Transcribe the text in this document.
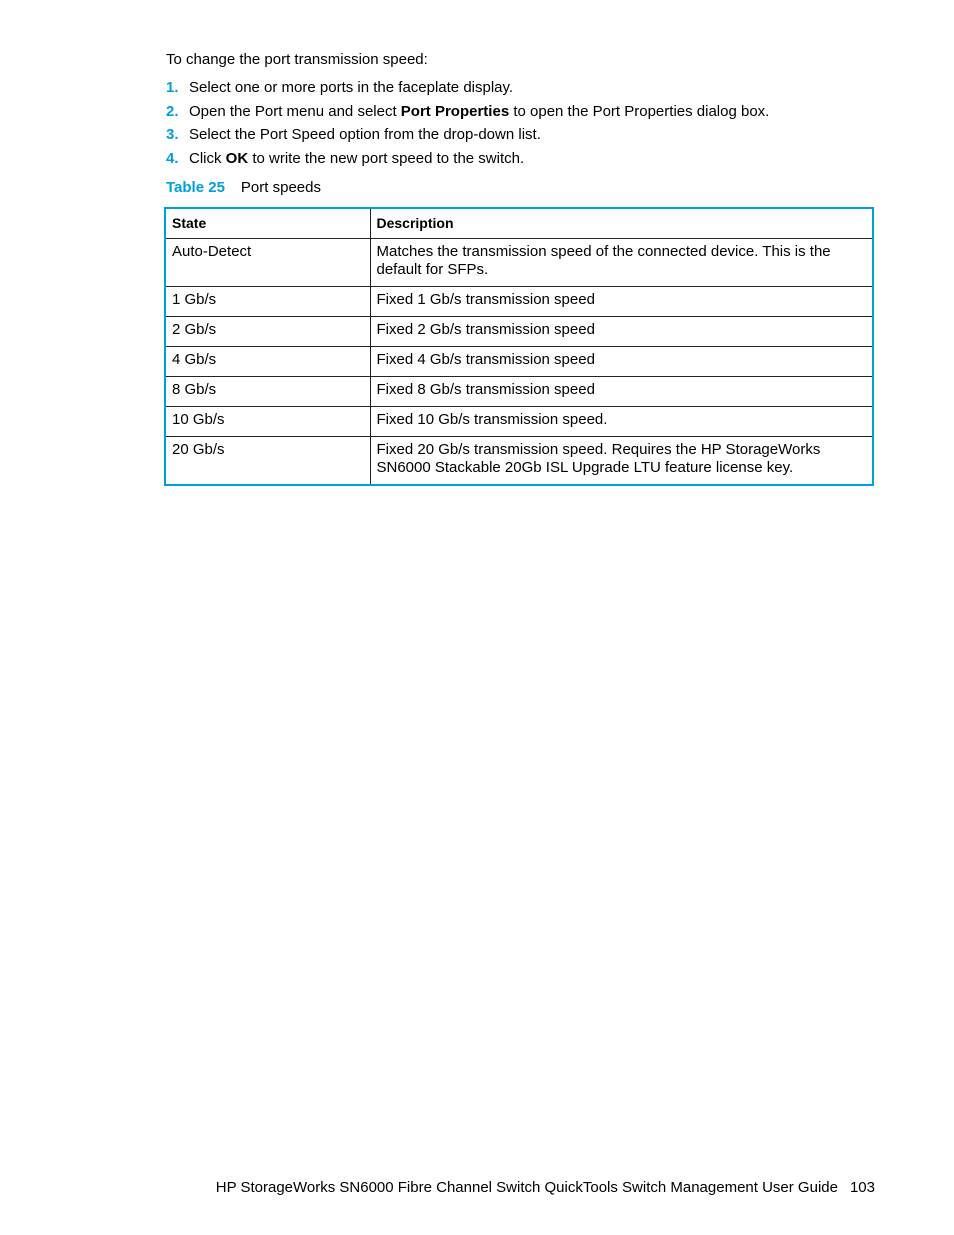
To change the port transmission speed:

1. Select one or more ports in the faceplate display.
2. Open the Port menu and select Port Properties to open the Port Properties dialog box.
3. Select the Port Speed option from the drop-down list.
4. Click OK to write the new port speed to the switch.
Table 25 Port speeds
State	Description
Auto-Detect	Matches the transmission speed of the connected device. This is the default for SFPs.
1 Gb/s	Fixed 1 Gb/s transmission speed
2 Gb/s	Fixed 2 Gb/s transmission speed
4 Gb/s	Fixed 4 Gb/s transmission speed
8 Gb/s	Fixed 8 Gb/s transmission speed
10 Gb/s	Fixed 10 Gb/s transmission speed.
20 Gb/s	Fixed 20 Gb/s transmission speed. Requires the HP StorageWorks SN6000 Stackable 20Gb ISL Upgrade LTU feature license key.
HP StorageWorks SN6000 Fibre Channel Switch QuickTools Switch Management User Guide 103
